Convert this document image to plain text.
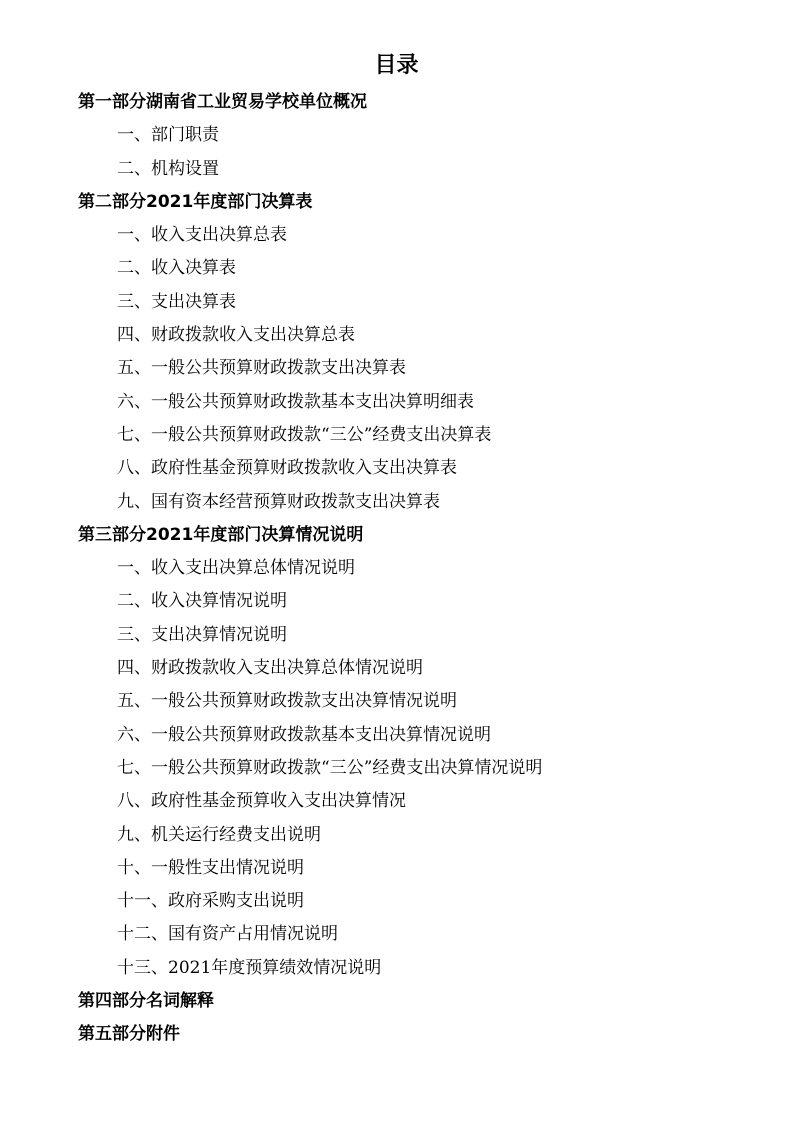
目录
第一部分湖南省工业贸易学校单位概况
一、部门职责
二、机构设置
第二部分2021年度部门决算表
一、收入支出决算总表
二、收入决算表
三、支出决算表
四、财政拨款收入支出决算总表
五、一般公共预算财政拨款支出决算表
六、一般公共预算财政拨款基本支出决算明细表
七、一般公共预算财政拨款“三公”经费支出决算表
八、政府性基金预算财政拨款收入支出决算表
九、国有资本经营预算财政拨款支出决算表
第三部分2021年度部门决算情况说明
一、收入支出决算总体情况说明
二、收入决算情况说明
三、支出决算情况说明
四、财政拨款收入支出决算总体情况说明
五、一般公共预算财政拨款支出决算情况说明
六、一般公共预算财政拨款基本支出决算情况说明
七、一般公共预算财政拨款“三公”经费支出决算情况说明
八、政府性基金预算收入支出决算情况
九、机关运行经费支出说明
十、一般性支出情况说明
十一、政府采购支出说明
十二、国有资产占用情况说明
十三、2021年度预算绩效情况说明
第四部分名词解释
第五部分附件
